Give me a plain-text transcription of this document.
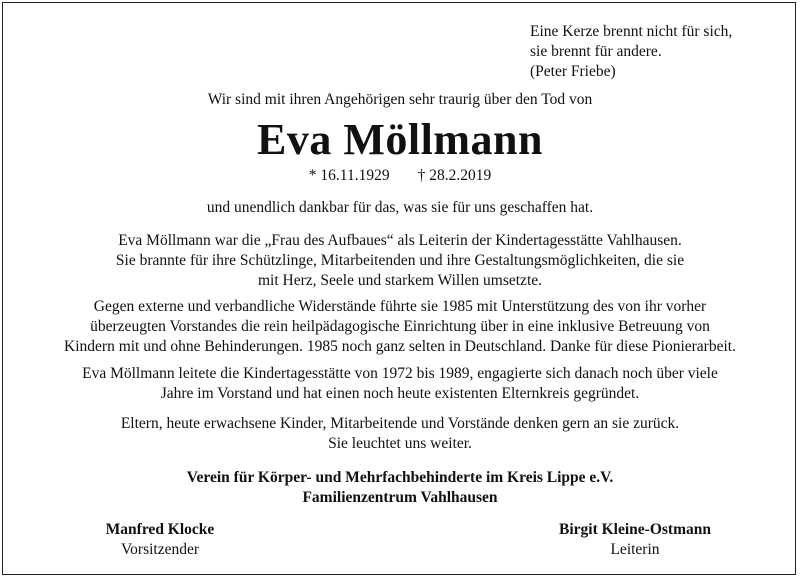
Eine Kerze brennt nicht für sich,
sie brennt für andere.
(Peter Friebe)
Wir sind mit ihren Angehörigen sehr traurig über den Tod von
Eva Möllmann
* 16.11.1929 † 28.2.2019
und unendlich dankbar für das, was sie für uns geschaffen hat.
Eva Möllmann war die „Frau des Aufbaues“ als Leiterin der Kindertagesstätte Vahlhausen.
Sie brannte für ihre Schützlinge, Mitarbeitenden und ihre Gestaltungsmöglichkeiten, die sie
mit Herz, Seele und starkem Willen umsetzte.
Gegen externe und verbandliche Widerstände führte sie 1985 mit Unterstützung des von ihr vorher
überzeugten Vorstandes die rein heilpädagogische Einrichtung über in eine inklusive Betreuung von
Kindern mit und ohne Behinderungen. 1985 noch ganz selten in Deutschland. Danke für diese Pionierarbeit.
Eva Möllmann leitete die Kindertagesstätte von 1972 bis 1989, engagierte sich danach noch über viele
Jahre im Vorstand und hat einen noch heute existenten Elternkreis gegründet.
Eltern, heute erwachsene Kinder, Mitarbeitende und Vorstände denken gern an sie zurück.
Sie leuchtet uns weiter.
Verein für Körper- und Mehrfachbehinderte im Kreis Lippe e.V.
Familienzentrum Vahlhausen
Manfred Klocke
Vorsitzender
Birgit Kleine-Ostmann
Leiterin
